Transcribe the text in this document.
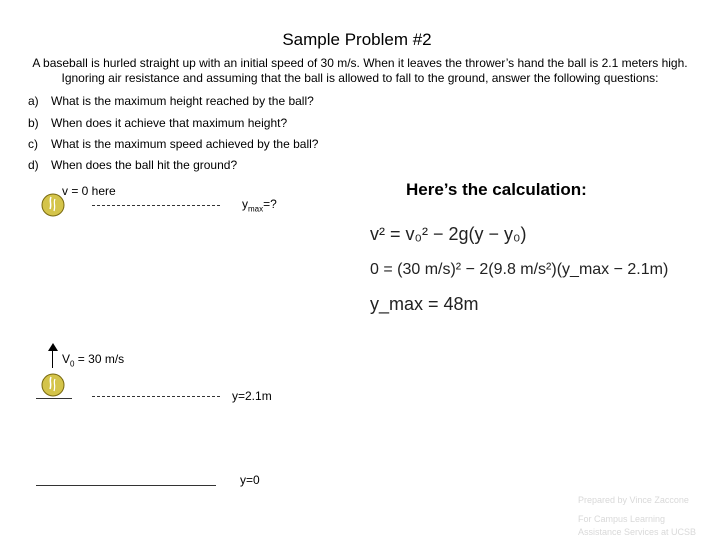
Sample Problem #2
A baseball is hurled straight up with an initial speed of 30 m/s. When it leaves the thrower’s hand the ball is 2.1 meters high. Ignoring air resistance and assuming that the ball is allowed to fall to the ground, answer the following questions:
a) What is the maximum height reached by the ball?
b) When does it achieve that maximum height?
c) What is the maximum speed achieved by the ball?
d) When does the ball hit the ground?
v = 0 here
$y_{max}=$?
$V_0 = 30$ m/s
y=2.1m
y=0
Here’s the calculation:
v² = v₀² − 2g(y − y₀)
0 = (30 m/s)² − 2(9.8 m/s²)(y_max − 2.1m)
y_max = 48m
Prepared by Vince Zaccone
For Campus Learning
Assistance Services at UCSB
